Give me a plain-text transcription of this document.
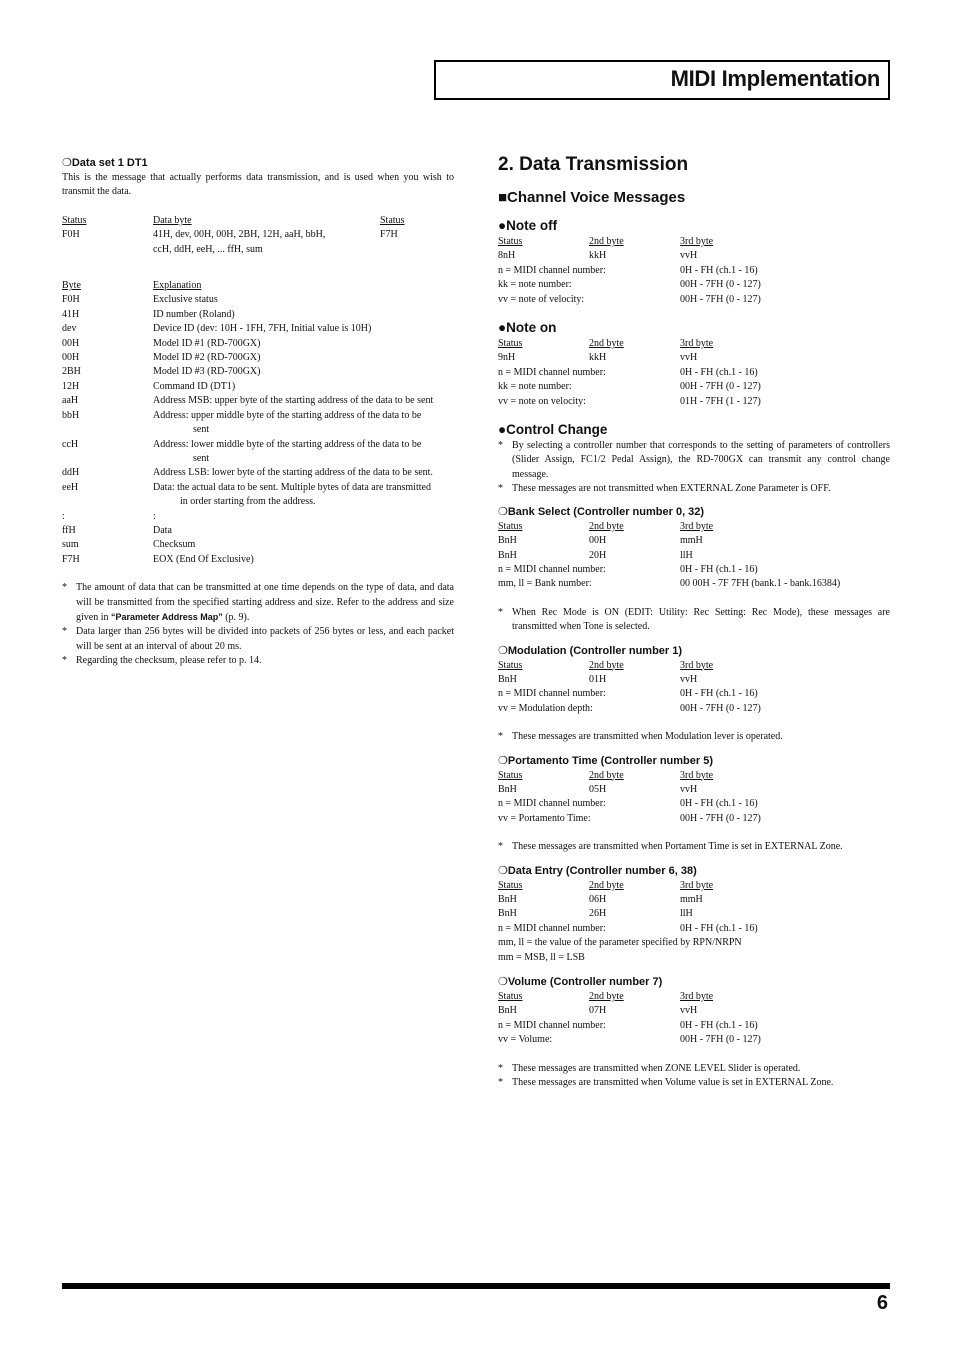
MIDI Implementation
❍Data set 1 DT1

This is the message that actually performs data transmission, and is used when you wish to transmit the data.

Status	Data byte	Status
F0H	41H, dev, 00H, 00H, 2BH, 12H, aaH, bbH,	F7H
ccH, ddH, eeH, ... ffH, sum
Byte	Explanation
F0H	Exclusive status
41H	ID number (Roland)
dev	Device ID (dev: 10H - 1FH, 7FH, Initial value is 10H)
00H	Model ID #1 (RD-700GX)
00H	Model ID #2 (RD-700GX)
2BH	Model ID #3 (RD-700GX)
12H	Command ID (DT1)
aaH	Address MSB: upper byte of the starting address of the data to be sent
bbH	Address: upper middle byte of the starting address of the data to be
sent
ccH	Address: lower middle byte of the starting address of the data to be
sent
ddH	Address LSB: lower byte of the starting address of the data to be sent.
eeH	Data: the actual data to be sent. Multiple bytes of data are transmitted
in order starting from the address.
:	:
ffH	Data
sum	Checksum
F7H	EOX (End Of Exclusive)
* The amount of data that can be transmitted at one time depends on the type of data, and data will be transmitted from the specified starting address and size. Refer to the address and size given in “Parameter Address Map” (p. 9).
* Data larger than 256 bytes will be divided into packets of 256 bytes or less, and each packet will be sent at an interval of about 20 ms.
* Regarding the checksum, please refer to p. 14.
2. Data Transmission
■Channel Voice Messages
●Note off
Status	2nd byte	3rd byte
8nH	kkH	vvH
n = MIDI channel number:	0H - FH (ch.1 - 16)
kk = note number:	00H - 7FH (0 - 127)
vv = note of velocity:	00H - 7FH (0 - 127)
●Note on
Status	2nd byte	3rd byte
9nH	kkH	vvH
n = MIDI channel number:	0H - FH (ch.1 - 16)
kk = note number:	00H - 7FH (0 - 127)
vv = note on velocity:	01H - 7FH (1 - 127)
●Control Change
* By selecting a controller number that corresponds to the setting of parameters of controllers (Slider Assign, FC1/2 Pedal Assign), the RD-700GX can transmit any control change message.
* These messages are not transmitted when EXTERNAL Zone Parameter is OFF.
❍Bank Select (Controller number 0, 32)
Status	2nd byte	3rd byte
BnH	00H	mmH
BnH	20H	llH
n = MIDI channel number:	0H - FH (ch.1 - 16)
mm, ll = Bank number:	00 00H - 7F 7FH (bank.1 - bank.16384)
* When Rec Mode is ON (EDIT: Utility: Rec Setting: Rec Mode), these messages are transmitted when Tone is selected.
❍Modulation (Controller number 1)
Status	2nd byte	3rd byte
BnH	01H	vvH
n = MIDI channel number:	0H - FH (ch.1 - 16)
vv = Modulation depth:	00H - 7FH (0 - 127)
* These messages are transmitted when Modulation lever is operated.
❍Portamento Time (Controller number 5)
Status	2nd byte	3rd byte
BnH	05H	vvH
n = MIDI channel number:	0H - FH (ch.1 - 16)
vv = Portamento Time:	00H - 7FH (0 - 127)
* These messages are transmitted when Portament Time is set in EXTERNAL Zone.
❍Data Entry (Controller number 6, 38)
Status	2nd byte	3rd byte
BnH	06H	mmH
BnH	26H	llH
n = MIDI channel number:	0H - FH (ch.1 - 16)
mm, ll = the value of the parameter specified by RPN/NRPN
mm = MSB, ll = LSB
❍Volume (Controller number 7)
Status	2nd byte	3rd byte
BnH	07H	vvH
n = MIDI channel number:	0H - FH (ch.1 - 16)
vv = Volume:	00H - 7FH (0 - 127)
* These messages are transmitted when ZONE LEVEL Slider is operated.
* These messages are transmitted when Volume value is set in EXTERNAL Zone.
6
